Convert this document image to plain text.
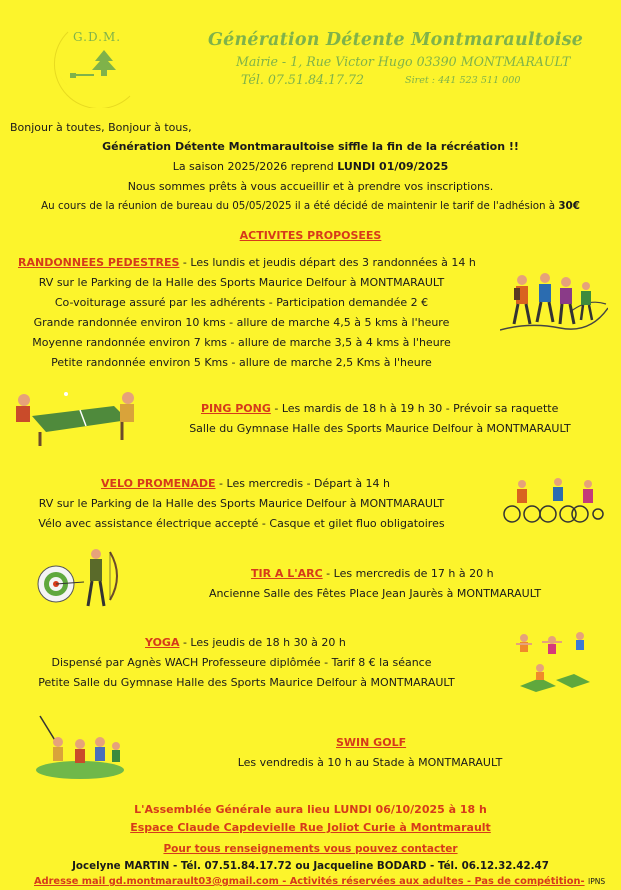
G.D.M.	Génération Détente Montmaraultoise
Mairie - 1, Rue Victor Hugo 03390 MONTMARAULT
Tél. 07.51.84.17.72	Siret : 441 523 511 000
Bonjour à toutes, Bonjour à tous,
Génération Détente Montmaraultoise siffle la fin de la récréation !!
La saison 2025/2026 reprend LUNDI 01/09/2025
Nous sommes prêts à vous accueillir et à prendre vos inscriptions.
Au cours de la réunion de bureau du 05/05/2025 il a été décidé de maintenir le tarif de l'adhésion à 30€
ACTIVITES PROPOSEES
RANDONNEES PEDESTRES - Les lundis et jeudis départ des 3 randonnées à 14 h
RV sur le Parking de la Halle des Sports Maurice Delfour à MONTMARAULT
Co-voiturage assuré par les adhérents - Participation demandée 2 €
Grande randonnée environ 10 kms - allure de marche 4,5 à 5 kms à l'heure
Moyenne randonnée environ 7 kms - allure de marche 3,5 à 4 kms à l'heure
Petite randonnée environ 5 Kms - allure de marche 2,5 Kms à l'heure
PING PONG - Les mardis de 18 h à 19 h 30 - Prévoir sa raquette
Salle du Gymnase Halle des Sports Maurice Delfour à MONTMARAULT
VELO PROMENADE - Les mercredis - Départ à 14 h
RV sur le Parking de la Halle des Sports Maurice Delfour à MONTMARAULT
Vélo avec assistance électrique accepté - Casque et gilet fluo obligatoires
TIR A L'ARC - Les mercredis de 17 h à 20 h
Ancienne Salle des Fêtes Place Jean Jaurès à MONTMARAULT
YOGA - Les jeudis de 18 h 30 à 20 h
Dispensé par Agnès WACH Professeure diplômée - Tarif 8 € la séance
Petite Salle du Gymnase Halle des Sports Maurice Delfour à MONTMARAULT
SWIN GOLF
Les vendredis à 10 h au Stade à MONTMARAULT
L'Assemblée Générale aura lieu LUNDI 06/10/2025 à 18 h
Espace Claude Capdevielle Rue Joliot Curie à Montmarault
Pour tous renseignements vous pouvez contacter
Jocelyne MARTIN - Tél. 07.51.84.17.72 ou Jacqueline BODARD - Tél. 06.12.32.42.47
Adresse mail gd.montmarault03@gmail.com - Activités réservées aux adultes - Pas de compétition- IPNS
